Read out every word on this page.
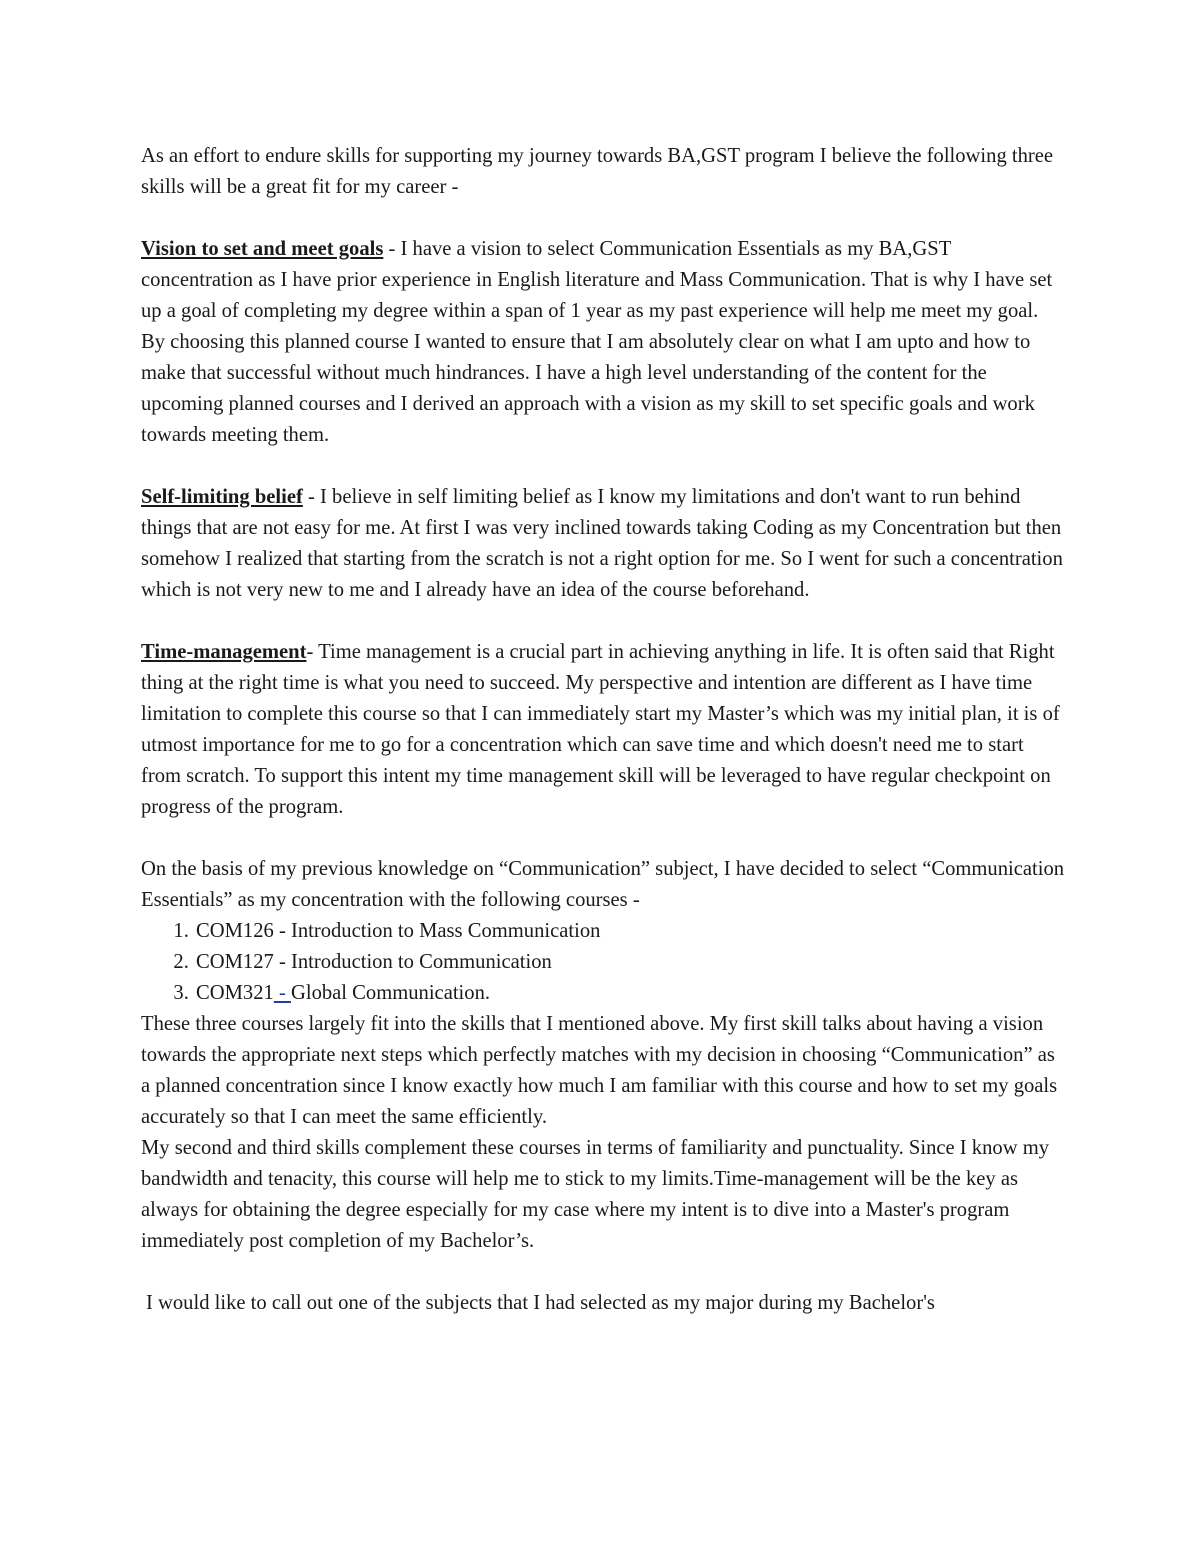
As an effort to endure skills for supporting my journey towards BA,GST program I believe the following three skills will be a great fit for my career -

Vision to set and meet goals - I have a vision to select Communication Essentials as my BA,GST concentration as I have prior experience in English literature and Mass Communication. That is why I have set up a goal of completing my degree within a span of 1 year as my past experience will help me meet my goal. By choosing this planned course I wanted to ensure that I am absolutely clear on what I am upto and how to make that successful without much hindrances. I have a high level understanding of the content for the upcoming planned courses and I derived an approach with a vision as my skill to set specific goals and work towards meeting them.

Self-limiting belief - I believe in self limiting belief as I know my limitations and don't want to run behind things that are not easy for me. At first I was very inclined towards taking Coding as my Concentration but then somehow I realized that starting from the scratch is not a right option for me. So I went for such a concentration which is not very new to me and I already have an idea of the course beforehand.

Time-management- Time management is a crucial part in achieving anything in life. It is often said that Right thing at the right time is what you need to succeed. My perspective and intention are different as I have time limitation to complete this course so that I can immediately start my Master’s which was my initial plan, it is of utmost importance for me to go for a concentration which can save time and which doesn't need me to start from scratch. To support this intent my time management skill will be leveraged to have regular checkpoint on progress of the program.

On the basis of my previous knowledge on “Communication” subject, I have decided to select “Communication Essentials” as my concentration with the following courses -

1. COM126 - Introduction to Mass Communication
2. COM127 - Introduction to Communication
3. COM321 - Global Communication.

These three courses largely fit into the skills that I mentioned above. My first skill talks about having a vision towards the appropriate next steps which perfectly matches with my decision in choosing “Communication” as a planned concentration since I know exactly how much I am familiar with this course and how to set my goals accurately so that I can meet the same efficiently.

My second and third skills complement these courses in terms of familiarity and punctuality. Since I know my bandwidth and tenacity, this course will help me to stick to my limits.Time-management will be the key as always for obtaining the degree especially for my case where my intent is to dive into a Master's program immediately post completion of my Bachelor’s.

I would like to call out one of the subjects that I had selected as my major during my Bachelor's
